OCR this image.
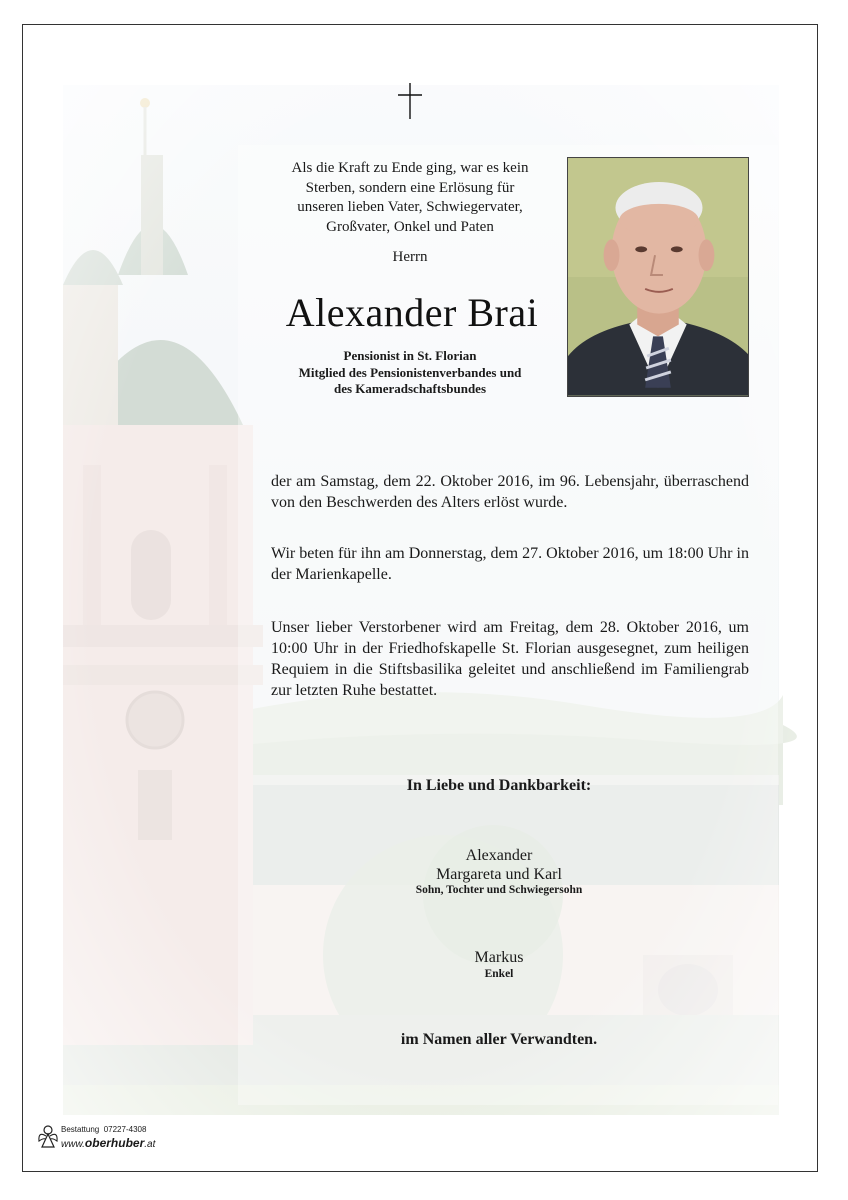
Als die Kraft zu Ende ging, war es kein
Sterben, sondern eine Erlösung für
unseren lieben Vater, Schwiegervater,
Großvater, Onkel und Paten
Herrn
Alexander Brai
Pensionist in St. Florian
Mitglied des Pensionistenverbandes und
des Kameradschaftsbundes
der am Samstag, dem 22. Oktober 2016, im 96. Lebensjahr, überraschend von den Beschwerden des Alters erlöst wurde.
Wir beten für ihn am Donnerstag, dem 27. Oktober 2016, um 18:00 Uhr in der Marienkapelle.
Unser lieber Verstorbener wird am Freitag, dem 28. Oktober 2016, um 10:00 Uhr in der Friedhofskapelle St. Florian ausgesegnet, zum heiligen Requiem in die Stiftsbasilika geleitet und anschließend im Familiengrab zur letzten Ruhe bestattet.
In Liebe und Dankbarkeit:
Alexander
Margareta und Karl
Sohn, Tochter und Schwiegersohn
Markus
Enkel
im Namen aller Verwandten.
Bestattung 07227-4308
www.oberhuber.at
